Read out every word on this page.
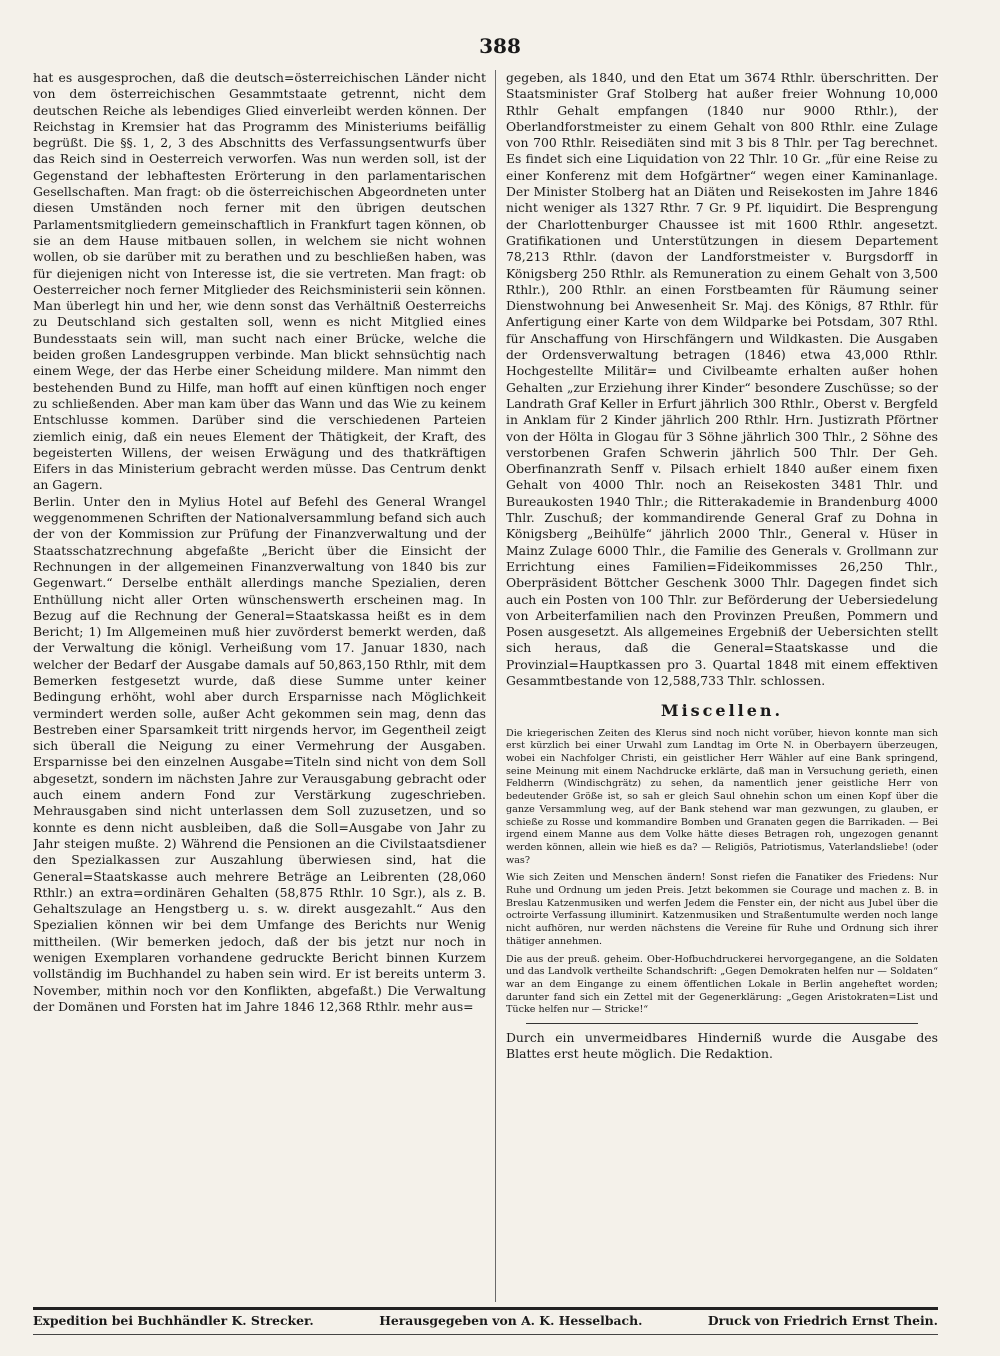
388

hat es ausgesprochen, daß die deutsch=österreichischen Länder nicht von dem österreichischen Gesammtstaate getrennt, nicht dem deutschen Reiche als lebendiges Glied einverleibt werden können. Der Reichstag in Kremsier hat das Programm des Ministeriums beifällig begrüßt. Die §§. 1, 2, 3 des Abschnitts des Verfassungsentwurfs über das Reich sind in Oesterreich verworfen. Was nun werden soll, ist der Gegenstand der lebhaftesten Erörterung in den parlamentarischen Gesellschaften. Man fragt: ob die österreichischen Abgeordneten unter diesen Umständen noch ferner mit den übrigen deutschen Parlamentsmitgliedern gemeinschaftlich in Frankfurt tagen können, ob sie an dem Hause mitbauen sollen, in welchem sie nicht wohnen wollen, ob sie darüber mit zu berathen und zu beschließen haben, was für diejenigen nicht von Interesse ist, die sie vertreten. Man fragt: ob Oesterreicher noch ferner Mitglieder des Reichsministerii sein können. Man überlegt hin und her, wie denn sonst das Verhältniß Oesterreichs zu Deutschland sich gestalten soll, wenn es nicht Mitglied eines Bundesstaats sein will, man sucht nach einer Brücke, welche die beiden großen Landesgruppen verbinde. Man blickt sehnsüchtig nach einem Wege, der das Herbe einer Scheidung mildere. Man nimmt den bestehenden Bund zu Hilfe, man hofft auf einen künftigen noch enger zu schließenden. Aber man kam über das Wann und das Wie zu keinem Entschlusse kommen. Darüber sind die verschiedenen Parteien ziemlich einig, daß ein neues Element der Thätigkeit, der Kraft, des begeisterten Willens, der weisen Erwägung und des thatkräftigen Eifers in das Ministerium gebracht werden müsse. Das Centrum denkt an Gagern.

Berlin. Unter den in Mylius Hotel auf Befehl des General Wrangel weggenommenen Schriften der Nationalversammlung befand sich auch der von der Kommission zur Prüfung der Finanzverwaltung und der Staatsschatzrechnung abgefaßte „Bericht über die Einsicht der Rechnungen in der allgemeinen Finanzverwaltung von 1840 bis zur Gegenwart.“ Derselbe enthält allerdings manche Spezialien, deren Enthüllung nicht aller Orten wünschenswerth erscheinen mag. In Bezug auf die Rechnung der General=Staatskassa heißt es in dem Bericht; 1) Im Allgemeinen muß hier zuvörderst bemerkt werden, daß der Verwaltung die königl. Verheißung vom 17. Januar 1830, nach welcher der Bedarf der Ausgabe damals auf 50,863,150 Rthlr, mit dem Bemerken festgesetzt wurde, daß diese Summe unter keiner Bedingung erhöht, wohl aber durch Ersparnisse nach Möglichkeit vermindert werden solle, außer Acht gekommen sein mag, denn das Bestreben einer Sparsamkeit tritt nirgends hervor, im Gegentheil zeigt sich überall die Neigung zu einer Vermehrung der Ausgaben. Ersparnisse bei den einzelnen Ausgabe=Titeln sind nicht von dem Soll abgesetzt, sondern im nächsten Jahre zur Verausgabung gebracht oder auch einem andern Fond zur Verstärkung zugeschrieben. Mehrausgaben sind nicht unterlassen dem Soll zuzusetzen, und so konnte es denn nicht ausbleiben, daß die Soll=Ausgabe von Jahr zu Jahr steigen mußte. 2) Während die Pensionen an die Civilstaatsdiener den Spezialkassen zur Auszahlung überwiesen sind, hat die General=Staatskasse auch mehrere Beträge an Leibrenten (28,060 Rthlr.) an extra=ordinären Gehalten (58,875 Rthlr. 10 Sgr.), als z. B. Gehaltszulage an Hengstberg u. s. w. direkt ausgezahlt.“ Aus den Spezialien können wir bei dem Umfange des Berichts nur Wenig mittheilen. (Wir bemerken jedoch, daß der bis jetzt nur noch in wenigen Exemplaren vorhandene gedruckte Bericht binnen Kurzem vollständig im Buchhandel zu haben sein wird. Er ist bereits unterm 3. November, mithin noch vor den Konflikten, abgefaßt.) Die Verwaltung der Domänen und Forsten hat im Jahre 1846 12,368 Rthlr. mehr aus=

gegeben, als 1840, und den Etat um 3674 Rthlr. überschritten. Der Staatsminister Graf Stolberg hat außer freier Wohnung 10,000 Rthlr Gehalt empfangen (1840 nur 9000 Rthlr.), der Oberlandforstmeister zu einem Gehalt von 800 Rthlr. eine Zulage von 700 Rthlr. Reisediäten sind mit 3 bis 8 Thlr. per Tag berechnet. Es findet sich eine Liquidation von 22 Thlr. 10 Gr. „für eine Reise zu einer Konferenz mit dem Hofgärtner“ wegen einer Kaminanlage. Der Minister Stolberg hat an Diäten und Reisekosten im Jahre 1846 nicht weniger als 1327 Rthr. 7 Gr. 9 Pf. liquidirt. Die Besprengung der Charlottenburger Chaussee ist mit 1600 Rthlr. angesetzt. Gratifikationen und Unterstützungen in diesem Departement 78,213 Rthlr. (davon der Landforstmeister v. Burgsdorff in Königsberg 250 Rthlr. als Remuneration zu einem Gehalt von 3,500 Rthlr.), 200 Rthlr. an einen Forstbeamten für Räumung seiner Dienstwohnung bei Anwesenheit Sr. Maj. des Königs, 87 Rthlr. für Anfertigung einer Karte von dem Wildparke bei Potsdam, 307 Rthl. für Anschaffung von Hirschfängern und Wildkasten. Die Ausgaben der Ordensverwaltung betragen (1846) etwa 43,000 Rthlr. Hochgestellte Militär= und Civilbeamte erhalten außer hohen Gehalten „zur Erziehung ihrer Kinder“ besondere Zuschüsse; so der Landrath Graf Keller in Erfurt jährlich 300 Rthlr., Oberst v. Bergfeld in Anklam für 2 Kinder jährlich 200 Rthlr. Hrn. Justizrath Pförtner von der Hölta in Glogau für 3 Söhne jährlich 300 Thlr., 2 Söhne des verstorbenen Grafen Schwerin jährlich 500 Thlr. Der Geh. Oberfinanzrath Senff v. Pilsach erhielt 1840 außer einem fixen Gehalt von 4000 Thlr. noch an Reisekosten 3481 Thlr. und Bureaukosten 1940 Thlr.; die Ritterakademie in Brandenburg 4000 Thlr. Zuschuß; der kommandirende General Graf zu Dohna in Königsberg „Beihülfe“ jährlich 2000 Thlr., General v. Hüser in Mainz Zulage 6000 Thlr., die Familie des Generals v. Grollmann zur Errichtung eines Familien=Fideikommisses 26,250 Thlr., Oberpräsident Böttcher Geschenk 3000 Thlr. Dagegen findet sich auch ein Posten von 100 Thlr. zur Beförderung der Uebersiedelung von Arbeiterfamilien nach den Provinzen Preußen, Pommern und Posen ausgesetzt. Als allgemeines Ergebniß der Uebersichten stellt sich heraus, daß die General=Staatskasse und die Provinzial=Hauptkassen pro 3. Quartal 1848 mit einem effektiven Gesammtbestande von 12,588,733 Thlr. schlossen.

Miscellen.

Die kriegerischen Zeiten des Klerus sind noch nicht vorüber, hievon konnte man sich erst kürzlich bei einer Urwahl zum Landtag im Orte N. in Oberbayern überzeugen, wobei ein Nachfolger Christi, ein geistlicher Herr Wähler auf eine Bank springend, seine Meinung mit einem Nachdrucke erklärte, daß man in Versuchung gerieth, einen Feldherrn (Windischgrätz) zu sehen, da namentlich jener geistliche Herr von bedeutender Größe ist, so sah er gleich Saul ohnehin schon um einen Kopf über die ganze Versammlung weg, auf der Bank stehend war man gezwungen, zu glauben, er schieße zu Rosse und kommandire Bomben und Granaten gegen die Barrikaden. — Bei irgend einem Manne aus dem Volke hätte dieses Betragen roh, ungezogen genannt werden können, allein wie hieß es da? — Religiös, Patriotismus, Vaterlandsliebe! (oder was?

Wie sich Zeiten und Menschen ändern! Sonst riefen die Fanatiker des Friedens: Nur Ruhe und Ordnung um jeden Preis. Jetzt bekommen sie Courage und machen z. B. in Breslau Katzenmusiken und werfen Jedem die Fenster ein, der nicht aus Jubel über die octroirte Verfassung illuminirt. Katzenmusiken und Straßentumulte werden noch lange nicht aufhören, nur werden nächstens die Vereine für Ruhe und Ordnung sich ihrer thätiger annehmen.

Die aus der preuß. geheim. Ober-Hofbuchdruckerei hervorgegangene, an die Soldaten und das Landvolk vertheilte Schandschrift: „Gegen Demokraten helfen nur — Soldaten“ war an dem Eingange zu einem öffentlichen Lokale in Berlin angeheftet worden; darunter fand sich ein Zettel mit der Gegenerklärung: „Gegen Aristokraten=List und Tücke helfen nur — Stricke!“

Durch ein unvermeidbares Hinderniß wurde die Ausgabe des Blattes erst heute möglich. Die Redaktion.

Expedition bei Buchhändler K. Strecker.	Herausgegeben von A. K. Hesselbach.	Druck von Friedrich Ernst Thein.
